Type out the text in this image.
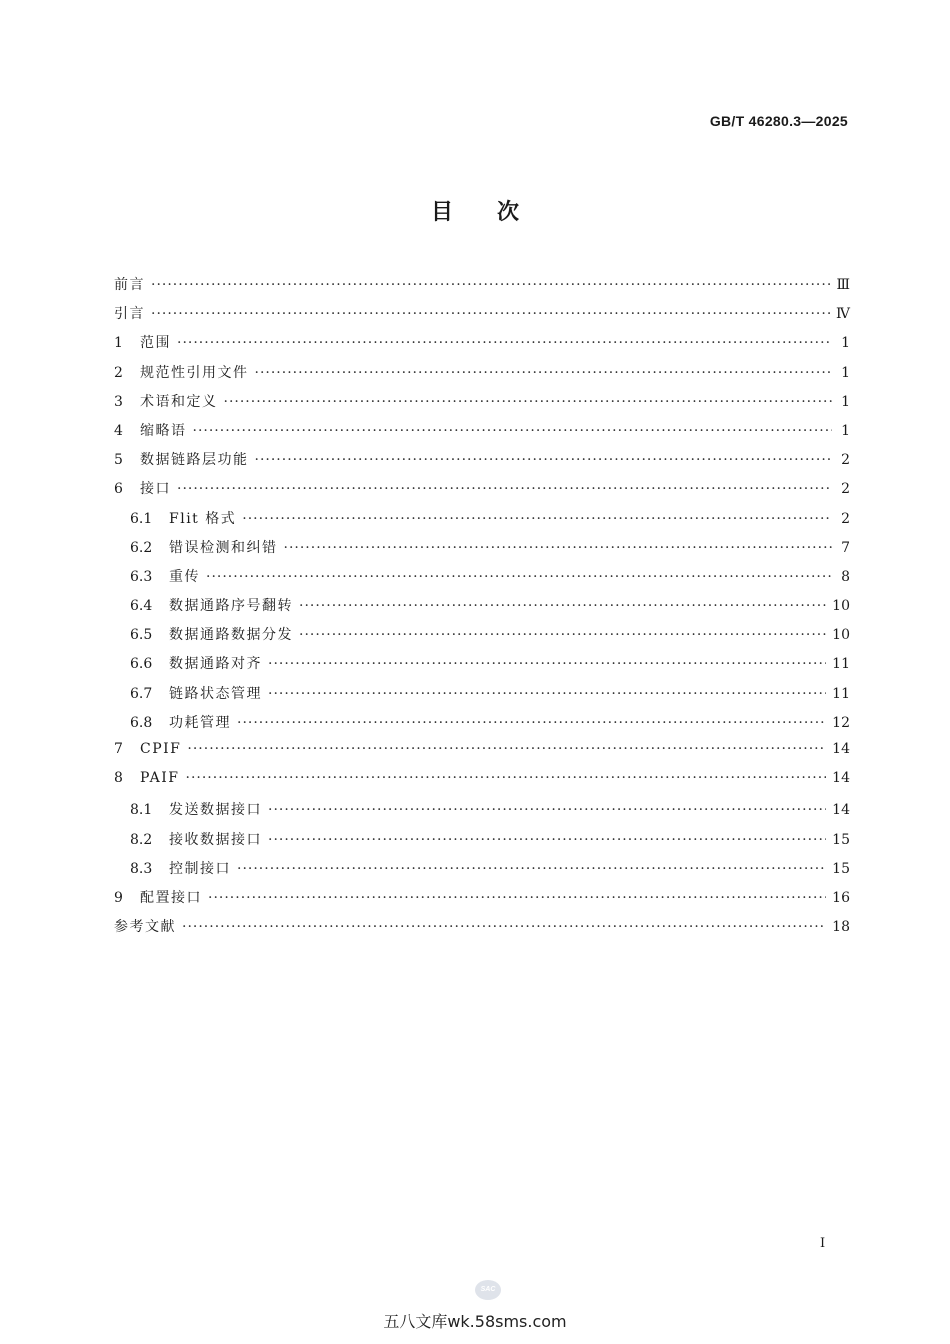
GB/T 46280.3—2025
目次
前言 ·····	Ⅲ
引言 ·····	Ⅳ
1	范围 ·····	1
2	规范性引用文件 ·····	1
3	术语和定义 ·····	1
4	缩略语 ·····	1
5	数据链路层功能 ·····	2
6	接口 ·····	2
6.1	Flit 格式 ·····	2
6.2	错误检测和纠错 ·····	7
6.3	重传 ·····	8
6.4	数据通路序号翻转 ·····	10
6.5	数据通路数据分发 ·····	10
6.6	数据通路对齐 ·····	11
6.7	链路状态管理 ·····	11
6.8	功耗管理 ·····	12
7	CPIF ·····	14
8	PAIF ·····	14
8.1	发送数据接口 ·····	14
8.2	接收数据接口 ·····	15
8.3	控制接口 ·····	15
9	配置接口 ·····	16
参考文献 ·····	18
I
SAC
五八文库wk.58sms.com
